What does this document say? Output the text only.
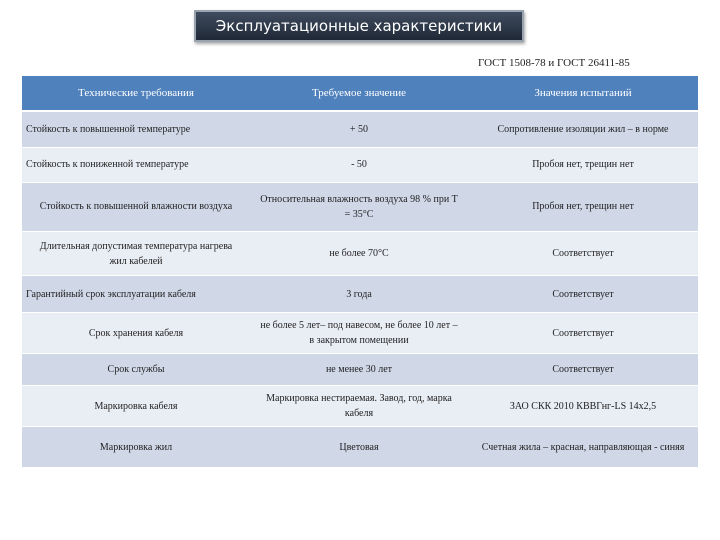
Эксплуатационные характеристики
ГОСТ 1508-78 и ГОСТ 26411-85
Технические требования	Требуемое значение	Значения испытаний
Стойкость к повышенной температуре	+ 50	Сопротивление изоляции жил – в норме
Стойкость к пониженной температуре	- 50	Пробоя нет, трещин нет
Стойкость к повышенной влажности воздуха	Относительная влажность воздуха 98 % при Т = 35°С	Пробоя нет, трещин нет
Длительная допустимая температура нагрева жил кабелей	не более 70°С	Соответствует
Гарантийный срок эксплуатации кабеля	3 года	Соответствует
Срок хранения кабеля	не более 5 лет– под навесом, не более 10 лет – в закрытом помещении	Соответствует
Срок службы	не менее 30 лет	Соответствует
Маркировка кабеля	Маркировка нестираемая. Завод, год, марка кабеля	ЗАО СКК 2010 КВВГнг-LS 14х2,5
Маркировка жил	Цветовая	Счетная жила – красная, направляющая - синяя
